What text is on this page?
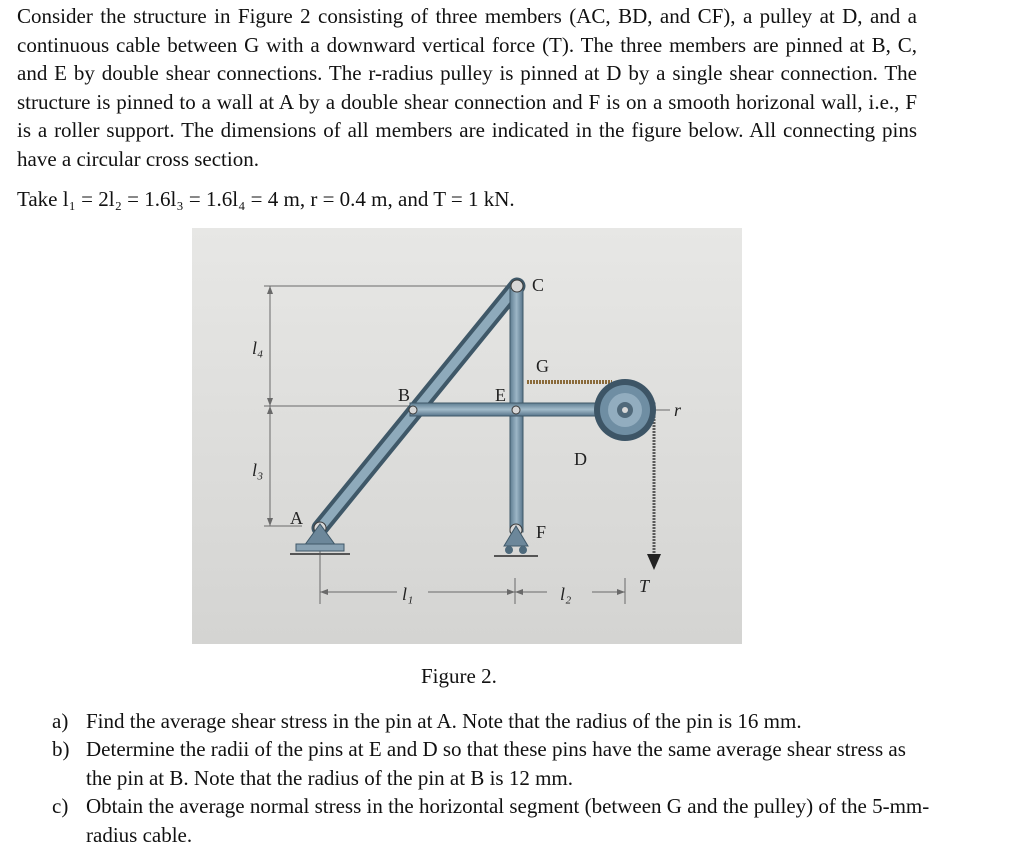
Consider the structure in Figure 2 consisting of three members (AC, BD, and CF), a pulley at D, and a continuous cable between G with a downward vertical force (T). The three members are pinned at B, C, and E by double shear connections. The r-radius pulley is pinned at D by a single shear connection. The structure is pinned to a wall at A by a double shear connection and F is on a smooth horizonal wall, i.e., F is a roller support. The dimensions of all members are indicated in the figure below. All connecting pins have a circular cross section.
Take l₁ = 2l₂ = 1.6l₃ = 1.6l₄ = 4 m, r = 0.4 m, and T = 1 kN.
C
G
B	E
D
r
A
F
T
l₄
l₃
l₁	l₂
Figure 2.
a) Find the average shear stress in the pin at A. Note that the radius of the pin is 16 mm.
b) Determine the radii of the pins at E and D so that these pins have the same average shear stress as the pin at B. Note that the radius of the pin at B is 12 mm.
c) Obtain the average normal stress in the horizontal segment (between G and the pulley) of the 5-mm-radius cable.
